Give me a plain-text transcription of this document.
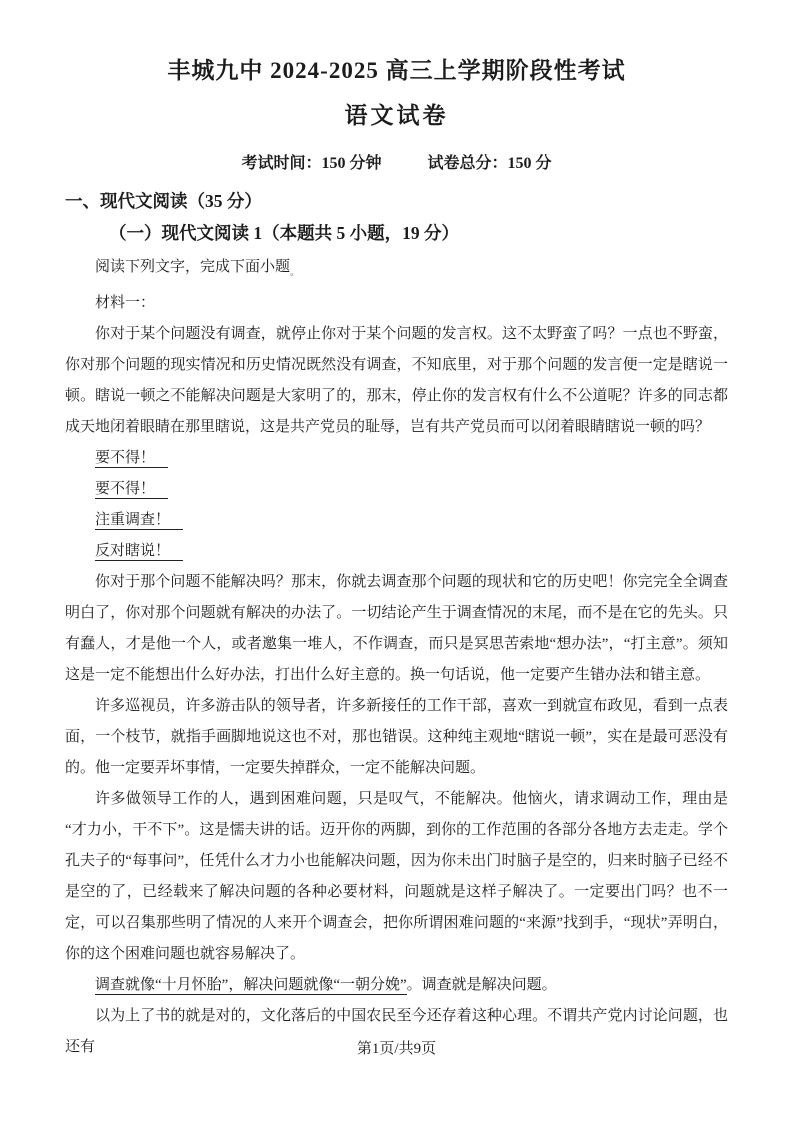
丰城九中 2024-2025 高三上学期阶段性考试
语文试卷
考试时间：150 分钟	试卷总分：150 分
一、现代文阅读（35 分）
（一）现代文阅读 1（本题共 5 小题，19 分）
阅读下列文字，完成下面小题$_。$
材料一：

你对于某个问题没有调查，就停止你对于某个问题的发言权。这不太野蛮了吗？一点也不野蛮，你对那个问题的现实情况和历史情况既然没有调查，不知底里，对于那个问题的发言便一定是瞎说一顿。瞎说一顿之不能解决问题是大家明了的，那末，停止你的发言权有什么不公道呢？许多的同志都成天地闭着眼睛在那里瞎说，这是共产党员的耻辱，岂有共产党员而可以闭着眼睛瞎说一顿的吗？

要不得！
要不得！
注重调查！
反对瞎说！

你对于那个问题不能解决吗？那末，你就去调查那个问题的现状和它的历史吧！你完完全全调查明白了，你对那个问题就有解决的办法了。一切结论产生于调查情况的末尾，而不是在它的先头。只有蠢人，才是他一个人，或者邀集一堆人，不作调查，而只是冥思苦索地“想办法”，“打主意”。须知这是一定不能想出什么好办法，打出什么好主意的。换一句话说，他一定要产生错办法和错主意。

许多巡视员，许多游击队的领导者，许多新接任的工作干部，喜欢一到就宣布政见，看到一点表面，一个枝节，就指手画脚地说这也不对，那也错误。这种纯主观地“瞎说一顿”，实在是最可恶没有的。他一定要弄坏事情，一定要失掉群众，一定不能解决问题。

许多做领导工作的人，遇到困难问题，只是叹气，不能解决。他恼火，请求调动工作，理由是“才力小，干不下”。这是懦夫讲的话。迈开你的两脚，到你的工作范围的各部分各地方去走走。学个孔夫子的“每事问”，任凭什么才力小也能解决问题，因为你未出门时脑子是空的，归来时脑子已经不是空的了，已经载来了解决问题的各种必要材料，问题就是这样子解决了。一定要出门吗？也不一定，可以召集那些明了情况的人来开个调查会，把你所谓困难问题的“来源”找到手，“现状”弄明白，你的这个困难问题也就容易解决了。

调查就像“十月怀胎”，解决问题就像“一朝分娩”。调查就是解决问题。

以为上了书的就是对的，文化落后的中国农民至今还存着这种心理。不谓共产党内讨论问题，也还有	第1页/共9页
